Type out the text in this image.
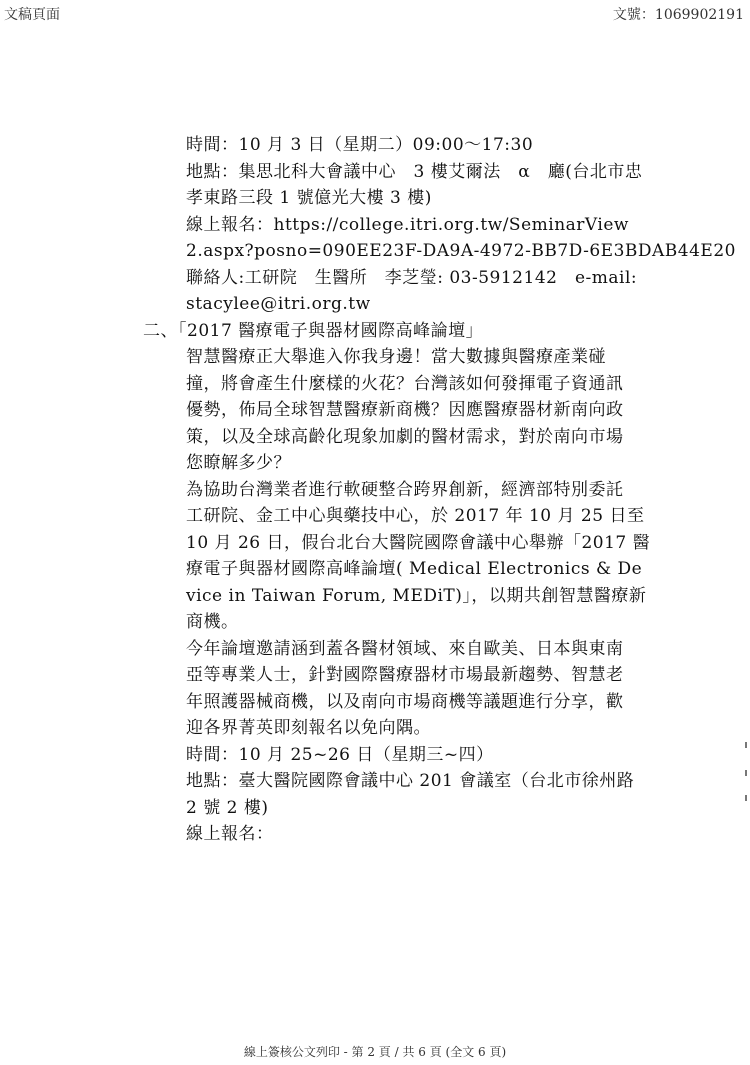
文稿頁面	文號：1069902191
時間：10 月 3 日（星期二）09:00～17:30
地點：集思北科大會議中心　3 樓艾爾法　α　廳(台北市忠
孝東路三段 1 號億光大樓 3 樓)
線上報名：https://college.itri.org.tw/SeminarView
2.aspx?posno=090EE23F-DA9A-4972-BB7D-6E3BDAB44E20
聯絡人:工研院　生醫所　李芝瑩: 03-5912142　e-mail:
stacylee@itri.org.tw
二、「2017 醫療電子與器材國際高峰論壇」
智慧醫療正大舉進入你我身邊！當大數據與醫療產業碰
撞，將會產生什麼樣的火花？台灣該如何發揮電子資通訊
優勢，佈局全球智慧醫療新商機？因應醫療器材新南向政
策，以及全球高齡化現象加劇的醫材需求，對於南向市場
您瞭解多少？
為協助台灣業者進行軟硬整合跨界創新，經濟部特別委託
工研院、金工中心與藥技中心，於 2017 年 10 月 25 日至
10 月 26 日，假台北台大醫院國際會議中心舉辦「2017 醫
療電子與器材國際高峰論壇( Medical Electronics & De
vice in Taiwan Forum, MEDiT)」，以期共創智慧醫療新
商機。
今年論壇邀請涵到蓋各醫材領域、來自歐美、日本與東南
亞等專業人士，針對國際醫療器材市場最新趨勢、智慧老
年照護器械商機，以及南向市場商機等議題進行分享，歡
迎各界菁英即刻報名以免向隅。
時間：10 月 25~26 日（星期三~四）
地點：臺大醫院國際會議中心 201 會議室（台北市徐州路
2 號 2 樓)
線上報名：
線上簽核公文列印 - 第 2 頁 / 共 6 頁 (全文 6 頁)
